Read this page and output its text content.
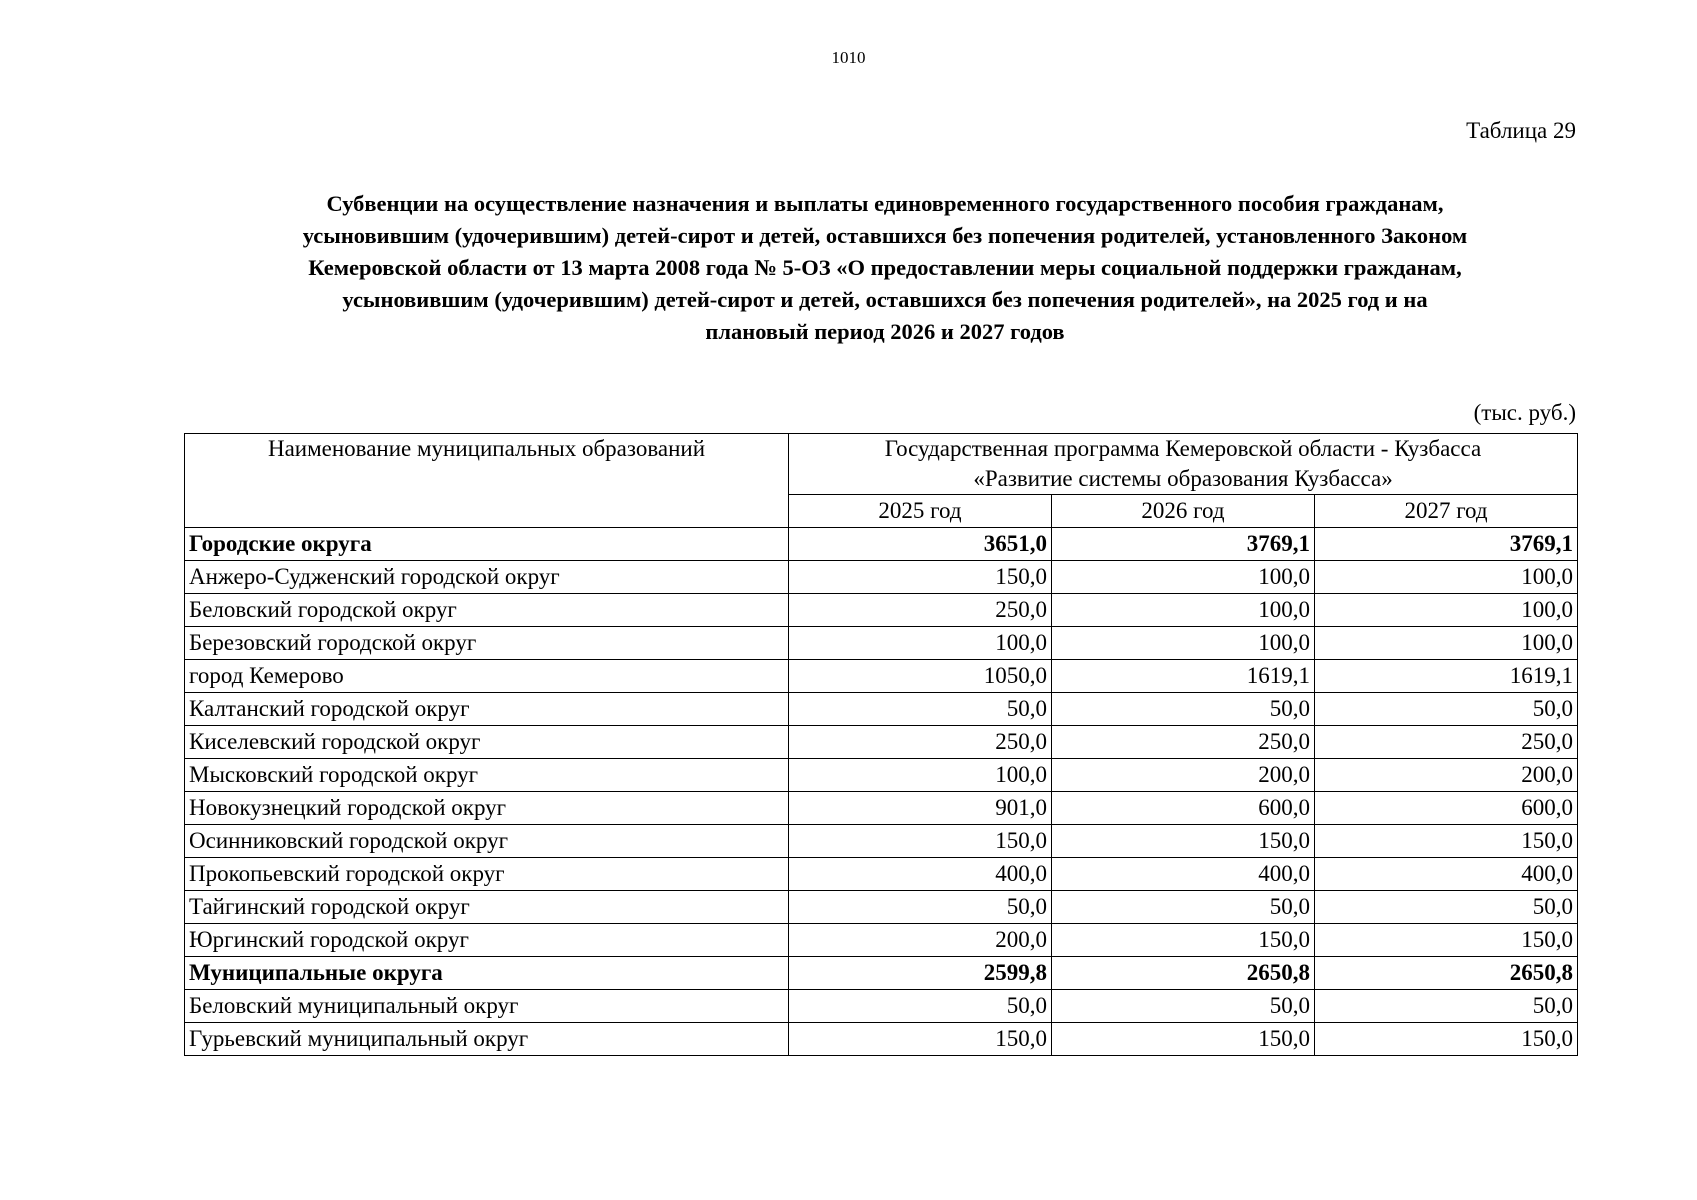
1010
Таблица 29
Субвенции на осуществление назначения и выплаты единовременного государственного пособия гражданам,
усыновившим (удочерившим) детей-сирот и детей, оставшихся без попечения родителей, установленного Законом
Кемеровской области от 13 марта 2008 года № 5-ОЗ «О предоставлении меры социальной поддержки гражданам,
усыновившим (удочерившим) детей-сирот и детей, оставшихся без попечения родителей», на 2025 год и на
плановый период 2026 и 2027 годов
(тыс. руб.)
Наименование муниципальных образований	Государственная программа Кемеровской области - Кузбасса
«Развитие системы образования Кузбасса»		

	2025 год	2026 год	2027 год
Городские округа	3651,0	3769,1	3769,1
Анжеро-Судженский городской округ	150,0	100,0	100,0
Беловский городской округ	250,0	100,0	100,0
Березовский городской округ	100,0	100,0	100,0
город Кемерово	1050,0	1619,1	1619,1
Калтанский городской округ	50,0	50,0	50,0
Киселевский городской округ	250,0	250,0	250,0
Мысковский городской округ	100,0	200,0	200,0
Новокузнецкий городской округ	901,0	600,0	600,0
Осинниковский городской округ	150,0	150,0	150,0
Прокопьевский городской округ	400,0	400,0	400,0
Тайгинский городской округ	50,0	50,0	50,0
Юргинский городской округ	200,0	150,0	150,0
Муниципальные округа	2599,8	2650,8	2650,8
Беловский муниципальный округ	50,0	50,0	50,0
Гурьевский муниципальный округ	150,0	150,0	150,0
